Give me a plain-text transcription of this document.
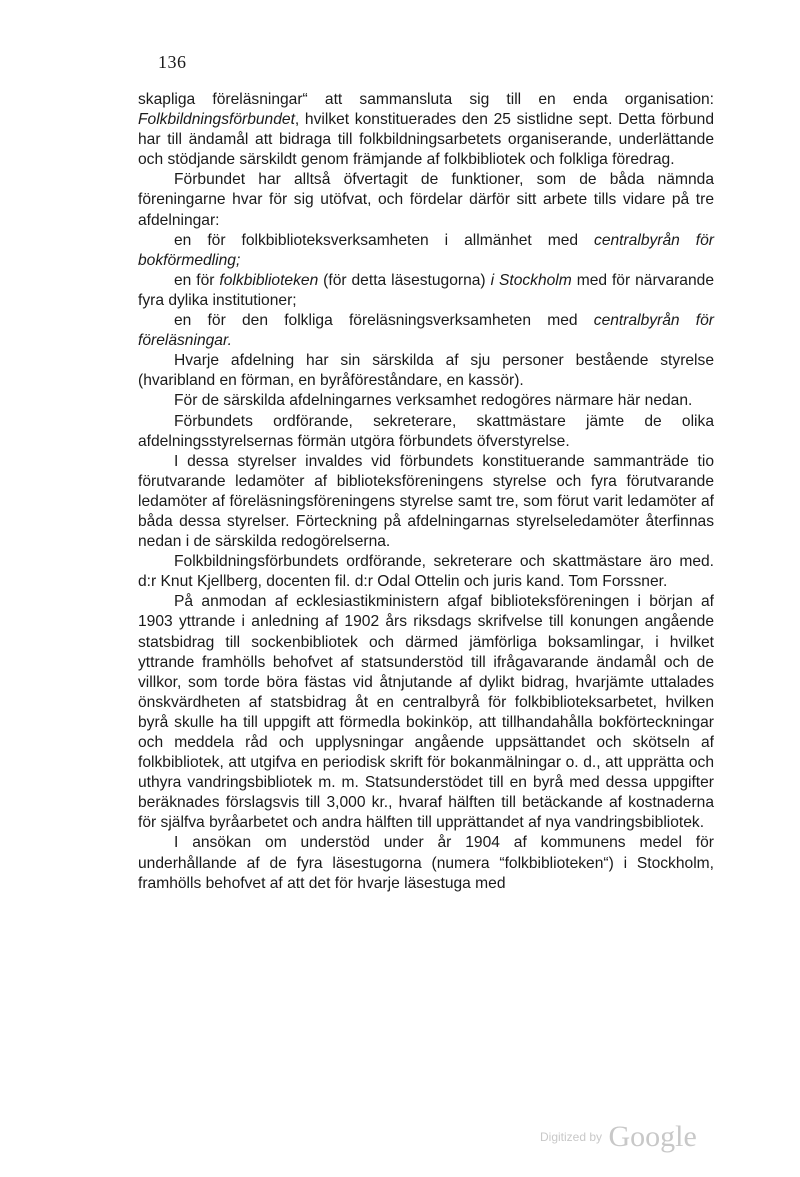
136

skapliga föreläsningar“ att sammansluta sig till en enda organisation: Folkbildningsförbundet, hvilket konstituerades den 25 sistlidne sept. Detta förbund har till ändamål att bidraga till folkbildningsarbetets organiserande, underlättande och stödjande särskildt genom främjande af folkbibliotek och folkliga föredrag.

Förbundet har alltså öfvertagit de funktioner, som de båda nämnda föreningarne hvar för sig utöfvat, och fördelar därför sitt arbete tills vidare på tre afdelningar:

en för folkbiblioteksverksamheten i allmänhet med centralbyrån för bokförmedling;

en för folkbiblioteken (för detta läsestugorna) i Stockholm med för närvarande fyra dylika institutioner;

en för den folkliga föreläsningsverksamheten med centralbyrån för föreläsningar.

Hvarje afdelning har sin särskilda af sju personer bestående styrelse (hvaribland en förman, en byråföreståndare, en kassör).

För de särskilda afdelningarnes verksamhet redogöres närmare här nedan.

Förbundets ordförande, sekreterare, skattmästare jämte de olika afdelningsstyrelsernas förmän utgöra förbundets öfverstyrelse.

I dessa styrelser invaldes vid förbundets konstituerande sammanträde tio förutvarande ledamöter af biblioteksföreningens styrelse och fyra förutvarande ledamöter af föreläsningsföreningens styrelse samt tre, som förut varit ledamöter af båda dessa styrelser. Förteckning på afdelningarnas styrelseledamöter återfinnas nedan i de särskilda redogörelserna.

Folkbildningsförbundets ordförande, sekreterare och skattmästare äro med. d:r Knut Kjellberg, docenten fil. d:r Odal Ottelin och juris kand. Tom Forssner.

På anmodan af ecklesiastikministern afgaf biblioteksföreningen i början af 1903 yttrande i anledning af 1902 års riksdags skrifvelse till konungen angående statsbidrag till sockenbibliotek och därmed jämförliga boksamlingar, i hvilket yttrande framhölls behofvet af statsunderstöd till ifrågavarande ändamål och de villkor, som torde böra fästas vid åtnjutande af dylikt bidrag, hvarjämte uttalades önskvärdheten af statsbidrag åt en centralbyrå för folkbiblioteksarbetet, hvilken byrå skulle ha till uppgift att förmedla bokinköp, att tillhandahålla bokförteckningar och meddela råd och upplysningar angående uppsättandet och skötseln af folkbibliotek, att utgifva en periodisk skrift för bokanmälningar o. d., att upprätta och uthyra vandringsbibliotek m. m. Statsunderstödet till en byrå med dessa uppgifter beräknades förslagsvis till 3,000 kr., hvaraf hälften till betäckande af kostnaderna för själfva byråarbetet och andra hälften till upprättandet af nya vandringsbibliotek.

I ansökan om understöd under år 1904 af kommunens medel för underhållande af de fyra läsestugorna (numera “folkbiblioteken“) i Stockholm, framhölls behofvet af att det för hvarje läsestuga med

Digitized by Google
